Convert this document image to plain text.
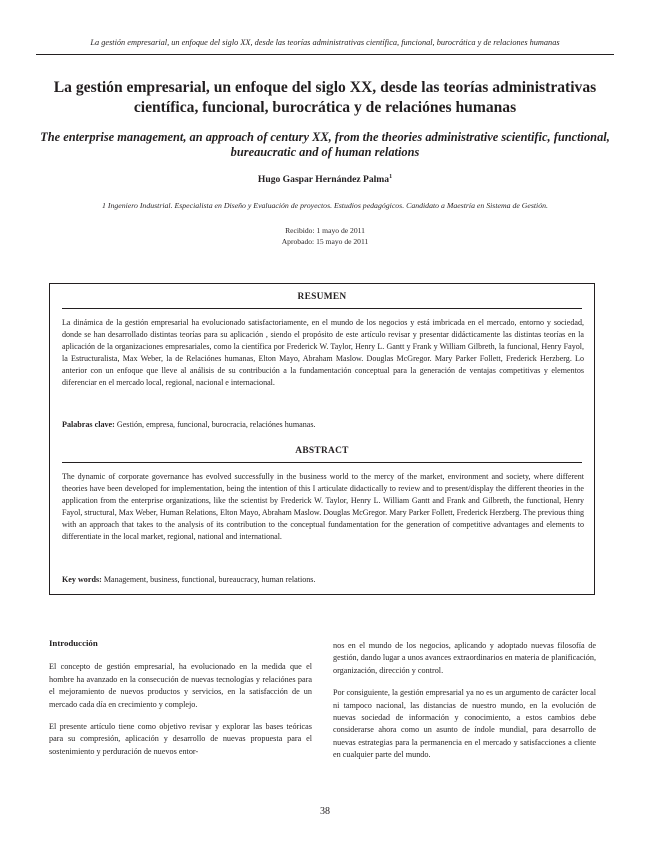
La gestión empresarial, un enfoque del siglo XX, desde las teorías administrativas científica, funcional, burocrática y de relaciones humanas
La gestión empresarial, un enfoque del siglo XX, desde las teorías administrativas científica, funcional, burocrática y de relaciónes humanas
The enterprise management, an approach of century XX, from the theories administrative scientific, functional, bureaucratic and of human relations
Hugo Gaspar Hernández Palma$^1$
1 Ingeniero Industrial. Especialista en Diseño y Evaluación de proyectos. Estudios pedagógicos. Candidato a Maestría en Sistema de Gestión.
Recibido: 1 mayo de 2011
Aprobado: 15 mayo de 2011
RESUMEN
La dinámica de la gestión empresarial ha evolucionado satisfactoriamente, en el mundo de los negocios y está imbricada en el mercado, entorno y sociedad, donde se han desarrollado distintas teorías para su aplicación , siendo el propósito de este artículo revisar y presentar didácticamente las distintas teorías en la aplicación de la organizaciones empresariales, como la científica por Frederick W. Taylor, Henry L. Gantt y Frank y William Gilbreth, la funcional, Henry Fayol, la Estructuralista, Max Weber, la de Relaciónes humanas, Elton Mayo, Abraham Maslow. Douglas McGregor. Mary Parker Follett, Frederick Herzberg. Lo anterior con un enfoque que lleve al análisis de su contribución a la fundamentación conceptual para la generación de ventajas competitivas y elementos diferenciar en el mercado local, regional, nacional e internacional.
Palabras clave: Gestión, empresa, funcional, burocracia, relaciónes humanas.
ABSTRACT
The dynamic of corporate governance has evolved successfully in the business world to the mercy of the market, environment and society, where different theories have been developed for implementation, being the intention of this I articulate didactically to review and to present/display the different theories in the application from the enterprise organizations, like the scientist by Frederick W. Taylor, Henry L. William Gantt and Frank and Gilbreth, the functional, Henry Fayol, structural, Max Weber, Human Relations, Elton Mayo, Abraham Maslow. Douglas McGregor. Mary Parker Follett, Frederick Herzberg. The previous thing with an approach that takes to the analysis of its contribution to the conceptual fundamentation for the generation of competitive advantages and elements to differentiate in the local market, regional, national and international.
Key words: Management, business, functional, bureaucracy, human relations.
Introducción

El concepto de gestión empresarial, ha evolucionado en la medida que el hombre ha avanzado en la consecución de nuevas tecnologías y relaciónes para el mejoramiento de nuevos productos y servicios, en la satisfacción de un mercado cada día en crecimiento y complejo.

El presente artículo tiene como objetivo revisar y explorar las bases teóricas para su compresión, aplicación y desarrollo de nuevas propuesta para el sostenimiento y perduración de nuevos entor-

nos en el mundo de los negocios, aplicando y adoptado nuevas filosofía de gestión, dando lugar a unos avances extraordinarios en materia de planificación, organización, dirección y control.

Por consiguiente, la gestión empresarial ya no es un argumento de carácter local ni tampoco nacional, las distancias de nuestro mundo, en la evolución de nuevas sociedad de información y conocimiento, a estos cambios debe considerarse ahora como un asunto de índole mundial, para desarrollo de nuevas estrategias para la permanencia en el mercado y satisfacciones a cliente en cualquier parte del mundo.

38
